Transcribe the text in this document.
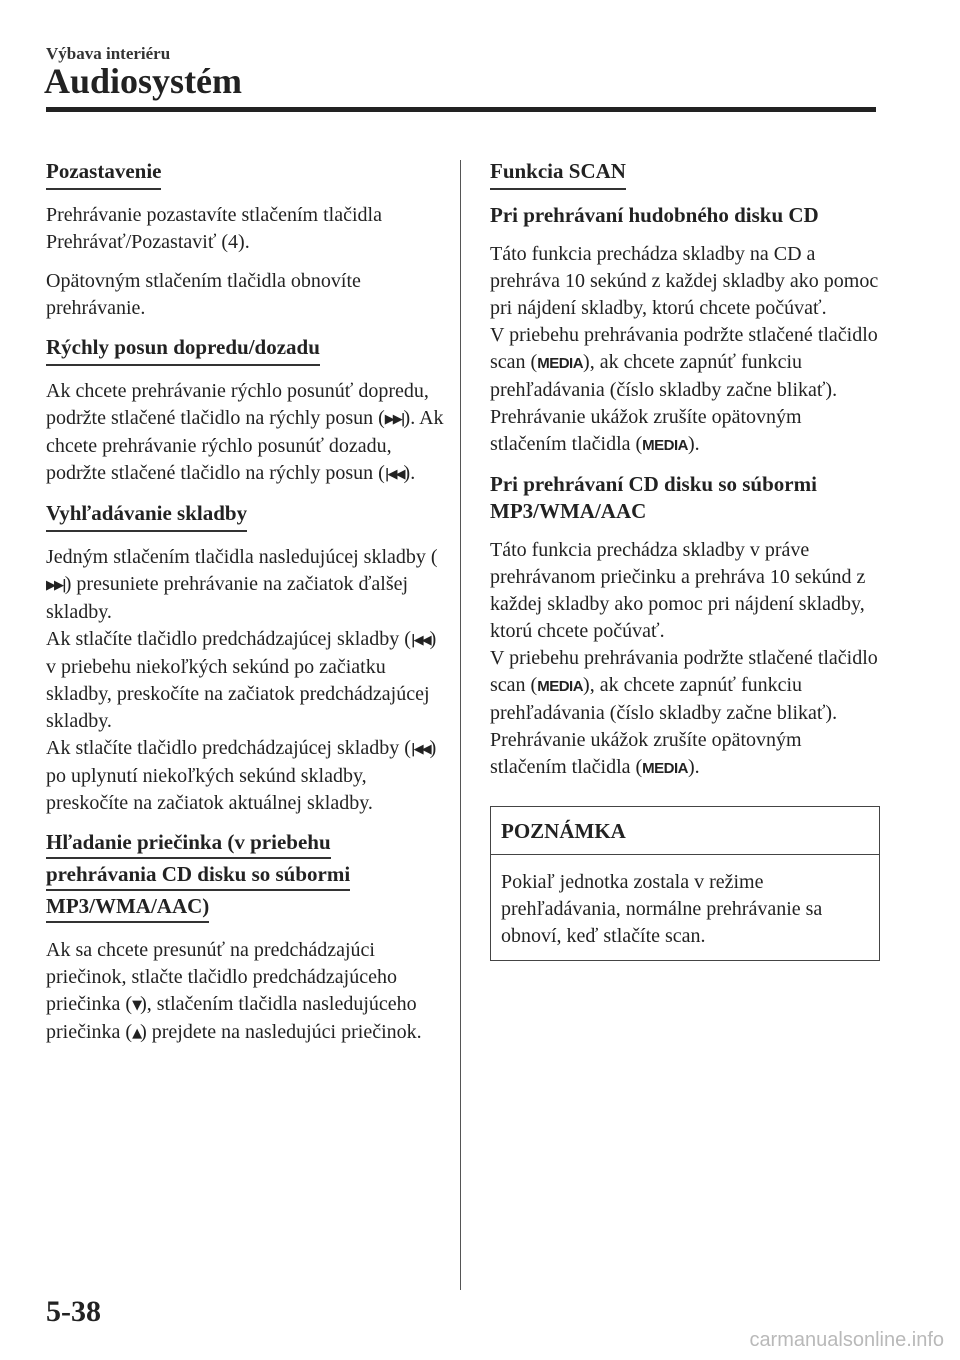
Výbava interiéru
Audiosystém
Pozastavenie

Prehrávanie pozastavíte stlačením tlačidla Prehrávať/Pozastaviť (4).

Opätovným stlačením tlačidla obnovíte prehrávanie.

Rýchly posun dopredu/dozadu

Ak chcete prehrávanie rýchlo posunúť dopredu, podržte stlačené tlačidlo na rýchly posun (▶▶|). Ak chcete prehrávanie rýchlo posunúť dozadu, podržte stlačené tlačidlo na rýchly posun (|◀◀).

Vyhľadávanie skladby

Jedným stlačením tlačidla nasledujúcej skladby (▶▶|) presuniete prehrávanie na začiatok ďalšej skladby.

Ak stlačíte tlačidlo predchádzajúcej skladby (|◀◀) v priebehu niekoľkých sekúnd po začiatku skladby, preskočíte na začiatok predchádzajúcej skladby.

Ak stlačíte tlačidlo predchádzajúcej skladby (|◀◀) po uplynutí niekoľkých sekúnd skladby, preskočíte na začiatok aktuálnej skladby.

Hľadanie priečinka (v priebehu
prehrávania CD disku so súbormi
MP3/WMA/AAC)

Ak sa chcete presunúť na predchádzajúci priečinok, stlačte tlačidlo predchádzajúceho priečinka (▼), stlačením tlačidla nasledujúceho priečinka (▲) prejdete na nasledujúci priečinok.

Funkcia SCAN
Pri prehrávaní hudobného disku CD

Táto funkcia prechádza skladby na CD a prehráva 10 sekúnd z každej skladby ako pomoc pri nájdení skladby, ktorú chcete počúvať.

V priebehu prehrávania podržte stlačené tlačidlo scan (MEDIA), ak chcete zapnúť funkciu prehľadávania (číslo skladby začne blikať). Prehrávanie ukážok zrušíte opätovným stlačením tlačidla (MEDIA).

Pri prehrávaní CD disku so súbormi
MP3/WMA/AAC

Táto funkcia prechádza skladby v práve prehrávanom priečinku a prehráva 10 sekúnd z každej skladby ako pomoc pri nájdení skladby, ktorú chcete počúvať.

V priebehu prehrávania podržte stlačené tlačidlo scan (MEDIA), ak chcete zapnúť funkciu prehľadávania (číslo skladby začne blikať).

Prehrávanie ukážok zrušíte opätovným stlačením tlačidla (MEDIA).

POZNÁMKA
Pokiaľ jednotka zostala v režime prehľadávania, normálne prehrávanie sa obnoví, keď stlačíte scan.
5-38
carmanualsonline.info
